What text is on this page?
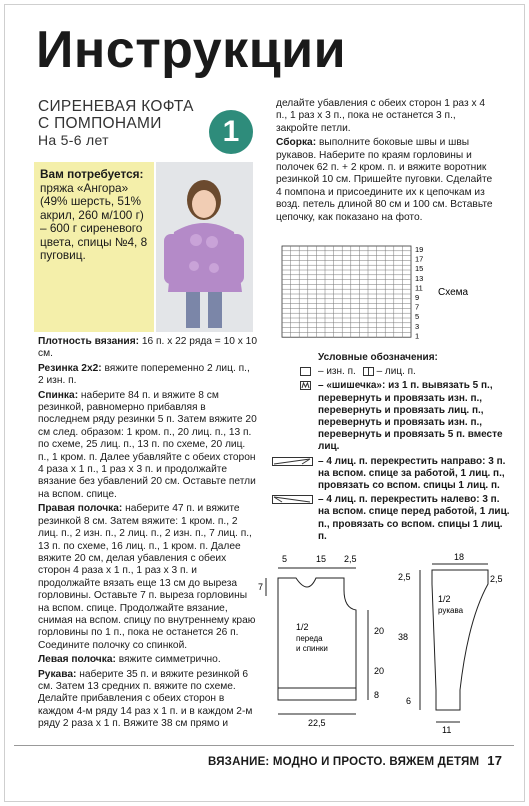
Инструкции
СИРЕНЕВАЯ КОФТА
С ПОМПОНАМИ
На 5-6 лет	1
Вам потребуется:
пряжа «Ангора» (49% шерсть, 51% акрил, 260 м/100 г) – 600 г сиреневого цвета, спицы №4, 8 пуговиц.

Плотность вязания: 16 п. х 22 ряда = 10 х 10 см.

Резинка 2х2: вяжите попеременно 2 лиц. п., 2 изн. п.

Спинка: наберите 84 п. и вяжите 8 см резинкой, равномерно прибавляя в последнем ряду резинки 5 п. Затем вяжите 20 см след. образом: 1 кром. п., 20 лиц. п., 13 п. по схеме, 25 лиц. п., 13 п. по схеме, 20 лиц. п., 1 кром. п. Далее убавляйте с обеих сторон 4 раза х 1 п., 1 раз х 3 п. и продолжайте вязание без убавлений 20 см. Оставьте петли на вспом. спице.

Правая полочка: наберите 47 п. и вяжите резинкой 8 см. Затем вяжите: 1 кром. п., 2 лиц. п., 2 изн. п., 2 лиц. п., 2 изн. п., 7 лиц. п., 13 п. по схеме, 16 лиц. п., 1 кром. п. Далее вяжите 20 см, делая убавления с обеих сторон 4 раза х 1 п., 1 раз х 3 п. и продолжайте вязать еще 13 см до выреза горловины. Оставьте 7 п. выреза горловины на вспом. спице. Продолжайте вязание, снимая на вспом. спицу по внутреннему краю горловины по 1 п., пока не останется 26 п. Соедините полочку со спинкой.

Левая полочка: вяжите симметрично.

Рукава: наберите 35 п. и вяжите резинкой 6 см. Затем 13 средних п. вяжите по схеме. Делайте прибавления с обеих сторон в каждом 4-м ряду 14 раз х 1 п. и в каждом 2-м ряду 2 раза х 1 п. Вяжите 38 см прямо и

делайте убавления с обеих сторон 1 раз х 4 п., 1 раз х 3 п., пока не останется 3 п., закройте петли.

Сборка: выполните боковые швы и швы рукавов. Наберите по краям горловины и полочек 62 п. + 2 кром. п. и вяжите воротник резинкой 10 см. Пришейте пуговки. Сделайте 4 помпона и присоедините их к цепочкам из возд. петель длиной 80 см и 100 см. Вставьте цепочку, как показано на фото.

19
17
15
13
11
9
7
5
3
1
Схема
Условные обозначения:
– изн. п. – лиц. п.
– «шишечка»: из 1 п. вывязать 5 п., перевернуть и провязать изн. п., перевернуть и провязать лиц. п., перевернуть и провязать изн. п., перевернуть и провязать 5 п. вместе лиц.
– 4 лиц. п. перекрестить направо: 3 п. на вспом. спице за работой, 1 лиц. п., провязать со вспом. спицы 1 лиц. п.
– 4 лиц. п. перекрестить налево: 3 п. на вспом. спице перед работой, 1 лиц. п., провязать со вспом. спицы 1 лиц. п.
5	15 2,5
7
20
20
8
22,5
1/2
переда
и спинки
18
2,5	2,5
38
6
11
1/2
рукава
ВЯЗАНИЕ: МОДНО И ПРОСТО. ВЯЖЕМ ДЕТЯМ 17
